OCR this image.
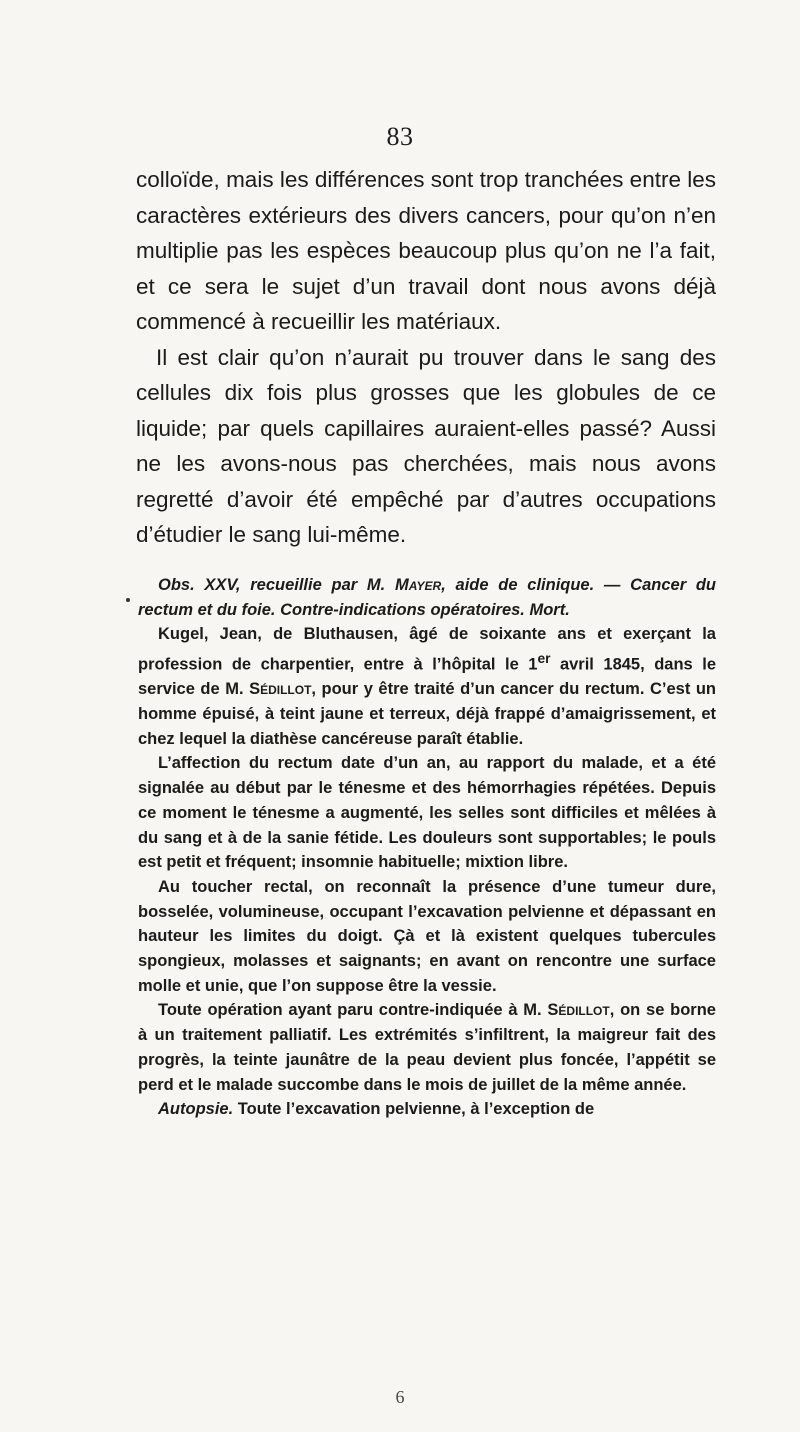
83

colloïde, mais les différences sont trop tranchées entre les caractères extérieurs des divers cancers, pour qu’on n’en multiplie pas les espèces beaucoup plus qu’on ne l’a fait, et ce sera le sujet d’un travail dont nous avons déjà commencé à recueillir les matériaux.

Il est clair qu’on n’aurait pu trouver dans le sang des cellules dix fois plus grosses que les globules de ce liquide; par quels capillaires auraient-elles passé? Aussi ne les avons-nous pas cherchées, mais nous avons regretté d’avoir été empêché par d’autres occupations d’étudier le sang lui-même.

Obs. XXV, recueillie par M. Mayer, aide de clinique. — Cancer du rectum et du foie. Contre-indications opératoires. Mort.

Kugel, Jean, de Bluthausen, âgé de soixante ans et exerçant la profession de charpentier, entre à l’hôpital le 1er avril 1845, dans le service de M. Sédillot, pour y être traité d’un cancer du rectum. C’est un homme épuisé, à teint jaune et terreux, déjà frappé d’amaigrissement, et chez lequel la diathèse cancéreuse paraît établie.

L’affection du rectum date d’un an, au rapport du malade, et a été signalée au début par le ténesme et des hémorrhagies répétées. Depuis ce moment le ténesme a augmenté, les selles sont difficiles et mêlées à du sang et à de la sanie fétide. Les douleurs sont supportables; le pouls est petit et fréquent; insomnie habituelle; mixtion libre.

Au toucher rectal, on reconnaît la présence d’une tumeur dure, bosselée, volumineuse, occupant l’excavation pelvienne et dépassant en hauteur les limites du doigt. Çà et là existent quelques tubercules spongieux, molasses et saignants; en avant on rencontre une surface molle et unie, que l’on suppose être la vessie.

Toute opération ayant paru contre-indiquée à M. Sédillot, on se borne à un traitement palliatif. Les extrémités s’infiltrent, la maigreur fait des progrès, la teinte jaunâtre de la peau devient plus foncée, l’appétit se perd et le malade succombe dans le mois de juillet de la même année.

Autopsie. Toute l’excavation pelvienne, à l’exception de

6
